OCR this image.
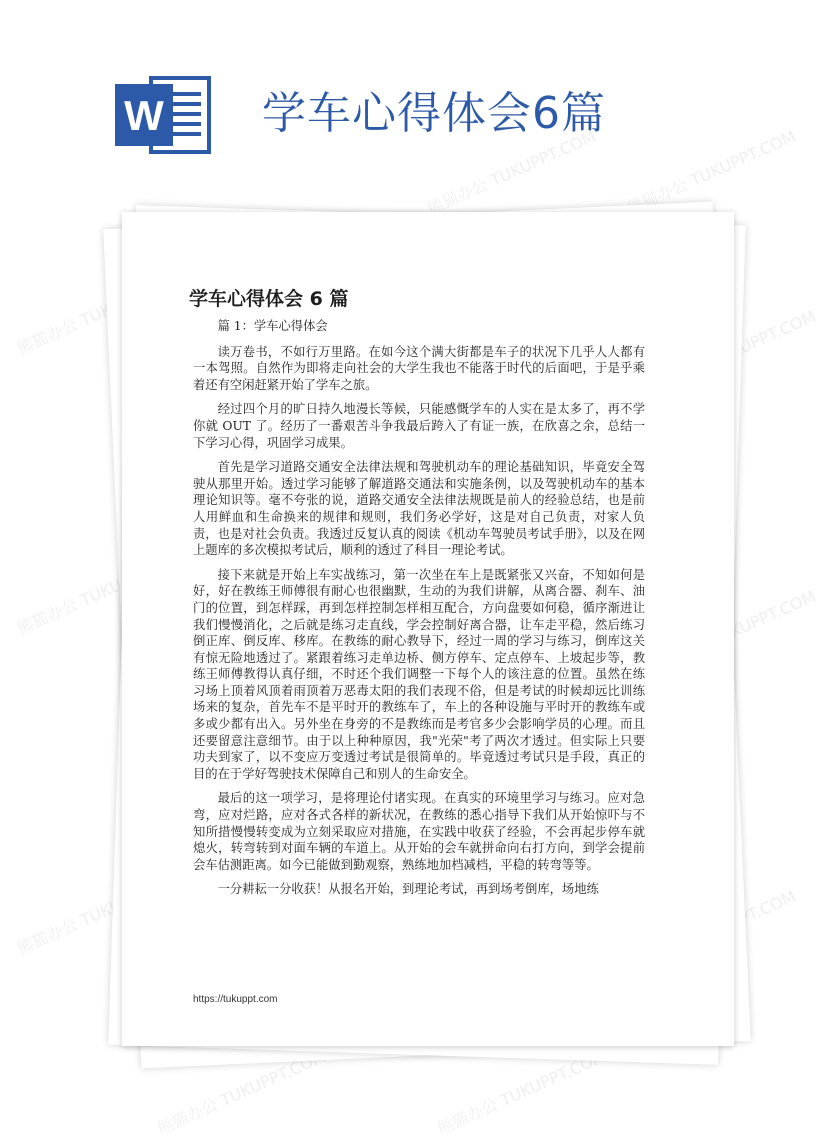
熊猫办公 TUKUPPT.COM 熊猫办公 TUKUPPT.COM
熊猫办公 TUKUPPT.COM	TUKUPPT.COM
熊猫办公 TUKUPPT.COM	TUKUPPT.COM
熊猫办公 TUKUPPT.COM
熊猫办公 TUKUPPT.COM	熊猫办公 TUKUPPT.COM
W 学车心得体会6篇
学车心得体会 6 篇

篇 1：学车心得体会

读万卷书，不如行万里路。在如今这个满大街都是车子的状况下几乎人人都有一本驾照。自然作为即将走向社会的大学生我也不能落于时代的后面吧，于是乎乘着还有空闲赶紧开始了学车之旅。

经过四个月的旷日持久地漫长等候，只能感慨学车的人实在是太多了，再不学你就 OUT 了。经历了一番艰苦斗争我最后跨入了有证一族，在欣喜之余，总结一下学习心得，巩固学习成果。

首先是学习道路交通安全法律法规和驾驶机动车的理论基础知识，毕竟安全驾驶从那里开始。透过学习能够了解道路交通法和实施条例，以及驾驶机动车的基本理论知识等。毫不夸张的说，道路交通安全法律法规既是前人的经验总结，也是前人用鲜血和生命换来的规律和规则，我们务必学好，这是对自己负责，对家人负责，也是对社会负责。我透过反复认真的阅读《机动车驾驶员考试手册》，以及在网上题库的多次模拟考试后，顺利的透过了科目一理论考试。

接下来就是开始上车实战练习，第一次坐在车上是既紧张又兴奋，不知如何是好，好在教练王师傅很有耐心也很幽默，生动的为我们讲解，从离合器、刹车、油门的位置，到怎样踩，再到怎样控制怎样相互配合，方向盘要如何稳，循序渐进让我们慢慢消化，之后就是练习走直线，学会控制好离合器，让车走平稳，然后练习倒正库、倒反库、移库。在教练的耐心教导下，经过一周的学习与练习，倒库这关有惊无险地透过了。紧跟着练习走单边桥、侧方停车、定点停车、上坡起步等，教练王师傅教得认真仔细，不时还个我们调整一下每个人的该注意的位置。虽然在练习场上顶着风顶着雨顶着万恶毒太阳的我们表现不俗，但是考试的时候却远比训练场来的复杂，首先车不是平时开的教练车了，车上的各种设施与平时开的教练车或多或少都有出入。另外坐在身旁的不是教练而是考官多少会影响学员的心理。而且还要留意注意细节。由于以上种种原因，我"光荣"考了两次才透过。但实际上只要功夫到家了，以不变应万变透过考试是很简单的。毕竟透过考试只是手段，真正的目的在于学好驾驶技术保障自己和别人的生命安全。

最后的这一项学习，是将理论付诸实现。在真实的环境里学习与练习。应对急弯，应对烂路，应对各式各样的新状况，在教练的悉心指导下我们从开始惊吓与不知所措慢慢转变成为立刻采取应对措施，在实践中收获了经验，不会再起步停车就熄火，转弯转到对面车辆的车道上。从开始的会车就拼命向右打方向，到学会提前会车估测距离。如今已能做到勤观察，熟练地加档减档，平稳的转弯等等。

一分耕耘一分收获！从报名开始，到理论考试，再到场考倒库，场地练

https://tukuppt.com
